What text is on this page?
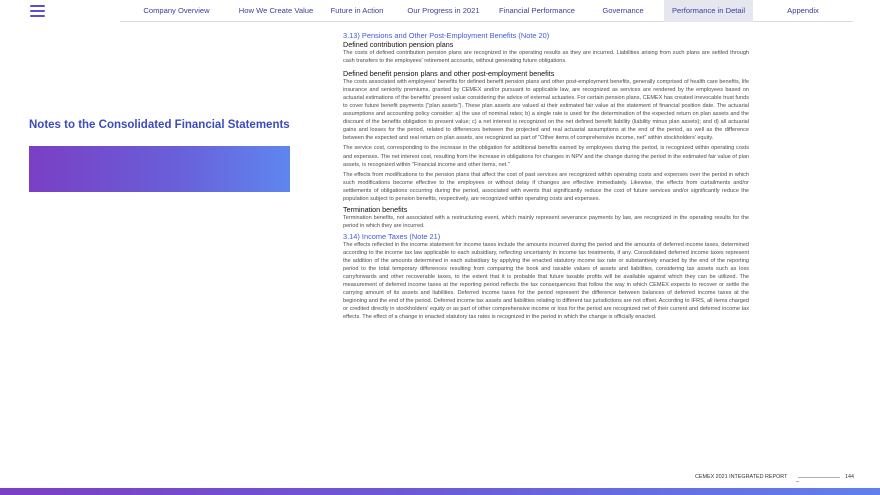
Company Overview	How We Create Value	Future in Action	Our Progress in 2021	Financial Performance	Governance	Performance in Detail	Appendix
Notes to the Consolidated Financial Statements
3.13) Pensions and Other Post-Employment Benefits (Note 20)
Defined contribution pension plans

The costs of defined contribution pension plans are recognized in the operating results as they are incurred. Liabilities arising from such plans are settled through cash transfers to the employees' retirement accounts, without generating future obligations.

Defined benefit pension plans and other post-employment benefits

The costs associated with employees' benefits for defined benefit pension plans and other post-employment benefits, generally comprised of health care benefits, life insurance and seniority premiums, granted by CEMEX and/or pursuant to applicable law, are recognized as services are rendered by the employees based on actuarial estimations of the benefits' present value considering the advice of external actuaries. For certain pension plans, CEMEX has created irrevocable trust funds to cover future benefit payments ("plan assets"). These plan assets are valued at their estimated fair value at the statement of financial position date. The actuarial assumptions and accounting policy consider: a) the use of nominal rates; b) a single rate is used for the determination of the expected return on plan assets and the discount of the benefits obligation to present value; c) a net interest is recognized on the net defined benefit liability (liability minus plan assets); and d) all actuarial gains and losses for the period, related to differences between the projected and real actuarial assumptions at the end of the period, as well as the difference between the expected and real return on plan assets, are recognized as part of "Other items of comprehensive income, net" within stockholders' equity.

The service cost, corresponding to the increase in the obligation for additional benefits earned by employees during the period, is recognized within operating costs and expenses. The net interest cost, resulting from the increase in obligations for changes in NPV and the change during the period in the estimated fair value of plan assets, is recognized within "Financial income and other items, net."

The effects from modifications to the pension plans that affect the cost of past services are recognized within operating costs and expenses over the period in which such modifications become effective to the employees or without delay if changes are effective immediately. Likewise, the effects from curtailments and/or settlements of obligations occurring during the period, associated with events that significantly reduce the cost of future services and/or significantly reduce the population subject to pension benefits, respectively, are recognized within operating costs and expenses.

Termination benefits

Termination benefits, not associated with a restructuring event, which mainly represent severance payments by law, are recognized in the operating results for the period in which they are incurred.

3.14) Income Taxes (Note 21)

The effects reflected in the income statement for income taxes include the amounts incurred during the period and the amounts of deferred income taxes, determined according to the income tax law applicable to each subsidiary, reflecting uncertainty in income tax treatments, if any. Consolidated deferred income taxes represent the addition of the amounts determined in each subsidiary by applying the enacted statutory income tax rate or substantively enacted by the end of the reporting period to the total temporary differences resulting from comparing the book and taxable values of assets and liabilities, considering tax assets such as loss carryforwards and other recoverable taxes, to the extent that it is probable that future taxable profits will be available against which they can be utilized. The measurement of deferred income taxes at the reporting period reflects the tax consequences that follow the way in which CEMEX expects to recover or settle the carrying amount of its assets and liabilities. Deferred income taxes for the period represent the difference between balances of deferred income taxes at the beginning and the end of the period. Deferred income tax assets and liabilities relating to different tax jurisdictions are not offset. According to IFRS, all items charged or credited directly in stockholders' equity or as part of other comprehensive income or loss for the period are recognized net of their current and deferred income tax effects. The effect of a change in enacted statutory tax rates is recognized in the period in which the change is officially enacted.

CEMEX 2021 INTEGRATED REPORT	144
